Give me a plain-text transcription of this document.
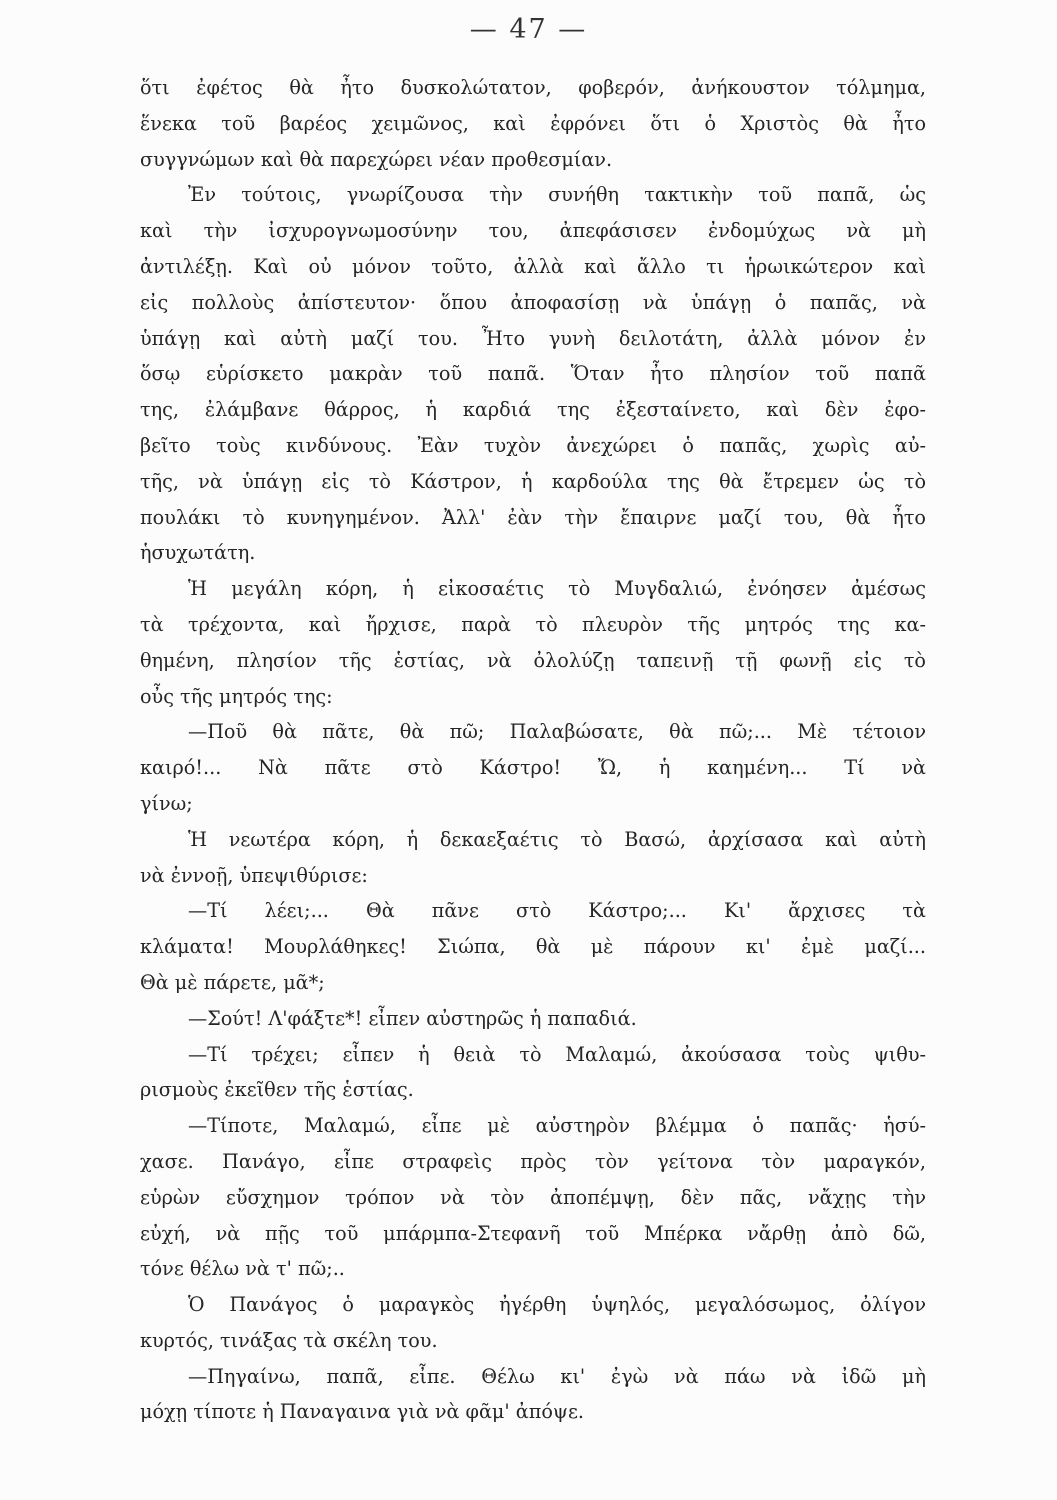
— 47 —
ὅτι ἐφέτος θὰ ἦτο δυσκολώτατον, φοβερόν, ἀνήκουστον τόλμημα,
ἕνεκα τοῦ βαρέος χειμῶνος, καὶ ἐφρόνει ὅτι ὁ Χριστὸς θὰ ἦτο
συγγνώμων καὶ θὰ παρεχώρει νέαν προθεσμίαν.
Ἐν τούτοις, γνωρίζουσα τὴν συνήθη τακτικὴν τοῦ παπᾶ, ὡς
καὶ τὴν ἰσχυρογνωμοσύνην του, ἀπεφάσισεν ἐνδομύχως νὰ μὴ
ἀντιλέξῃ. Καὶ οὐ μόνον τοῦτο, ἀλλὰ καὶ ἄλλο τι ἡρωικώτερον καὶ
εἰς πολλοὺς ἀπίστευτον· ὅπου ἀποφασίσῃ νὰ ὑπάγῃ ὁ παπᾶς, νὰ
ὑπάγῃ καὶ αὐτὴ μαζί του. Ἦτο γυνὴ δειλοτάτη, ἀλλὰ μόνον ἐν
ὅσῳ εὑρίσκετο μακρὰν τοῦ παπᾶ. Ὅταν ἦτο πλησίον τοῦ παπᾶ
της, ἐλάμβανε θάρρος, ἡ καρδιά της ἐξεσταίνετο, καὶ δὲν ἐφο-
βεῖτο τοὺς κινδύνους. Ἐὰν τυχὸν ἀνεχώρει ὁ παπᾶς, χωρὶς αὐ-
τῆς, νὰ ὑπάγῃ εἰς τὸ Κάστρον, ἡ καρδούλα της θὰ ἔτρεμεν ὡς τὸ
πουλάκι τὸ κυνηγημένον. Ἀλλ' ἐὰν τὴν ἔπαιρνε μαζί του, θὰ ἦτο
ἡσυχωτάτη.
Ἡ μεγάλη κόρη, ἡ εἰκοσαέτις τὸ Μυγδαλιώ, ἐνόησεν ἀμέσως
τὰ τρέχοντα, καὶ ἤρχισε, παρὰ τὸ πλευρὸν τῆς μητρός της κα-
θημένη, πλησίον τῆς ἑστίας, νὰ ὀλολύζῃ ταπεινῇ τῇ φωνῇ εἰς τὸ
οὖς τῆς μητρός της:
—Ποῦ θὰ πᾶτε, θὰ πῶ; Παλαβώσατε, θὰ πῶ;... Μὲ τέτοιον
καιρό!... Νὰ πᾶτε στὸ Κάστρο! Ὤ, ἡ καημένη... Τί νὰ
γίνω;
Ἡ νεωτέρα κόρη, ἡ δεκαεξαέτις τὸ Βασώ, ἀρχίσασα καὶ αὐτὴ
νὰ ἐννοῇ, ὑπεψιθύρισε:
—Τί λέει;... Θὰ πᾶνε στὸ Κάστρο;... Κι' ἄρχισες τὰ
κλάματα! Μουρλάθηκες! Σιώπα, θὰ μὲ πάρουν κι' ἐμὲ μαζί...
Θὰ μὲ πάρετε, μᾶ*;
—Σούτ! Λ'φάξτε*! εἶπεν αὐστηρῶς ἡ παπαδιά.
—Τί τρέχει; εἶπεν ἡ θειὰ τὸ Μαλαμώ, ἀκούσασα τοὺς ψιθυ-
ρισμοὺς ἐκεῖθεν τῆς ἑστίας.
—Τίποτε, Μαλαμώ, εἶπε μὲ αὐστηρὸν βλέμμα ὁ παπᾶς· ἡσύ-
χασε. Πανάγο, εἶπε στραφεὶς πρὸς τὸν γείτονα τὸν μαραγκόν,
εὑρὼν εὔσχημον τρόπον νὰ τὸν ἀποπέμψῃ, δὲν πᾶς, νἄχῃς τὴν
εὐχή, νὰ πῇς τοῦ μπάρμπα-Στεφανῆ τοῦ Μπέρκα νἄρθῃ ἀπὸ δῶ,
τόνε θέλω νὰ τ' πῶ;..
Ὁ Πανάγος ὁ μαραγκὸς ἠγέρθη ὑψηλός, μεγαλόσωμος, ὀλίγον
κυρτός, τινάξας τὰ σκέλη του.
—Πηγαίνω, παπᾶ, εἶπε. Θέλω κι' ἐγὼ νὰ πάω νὰ ἰδῶ μὴ
μόχῃ τίποτε ἡ Παναγαινα γιὰ νὰ φᾶμ' ἀπόψε.
